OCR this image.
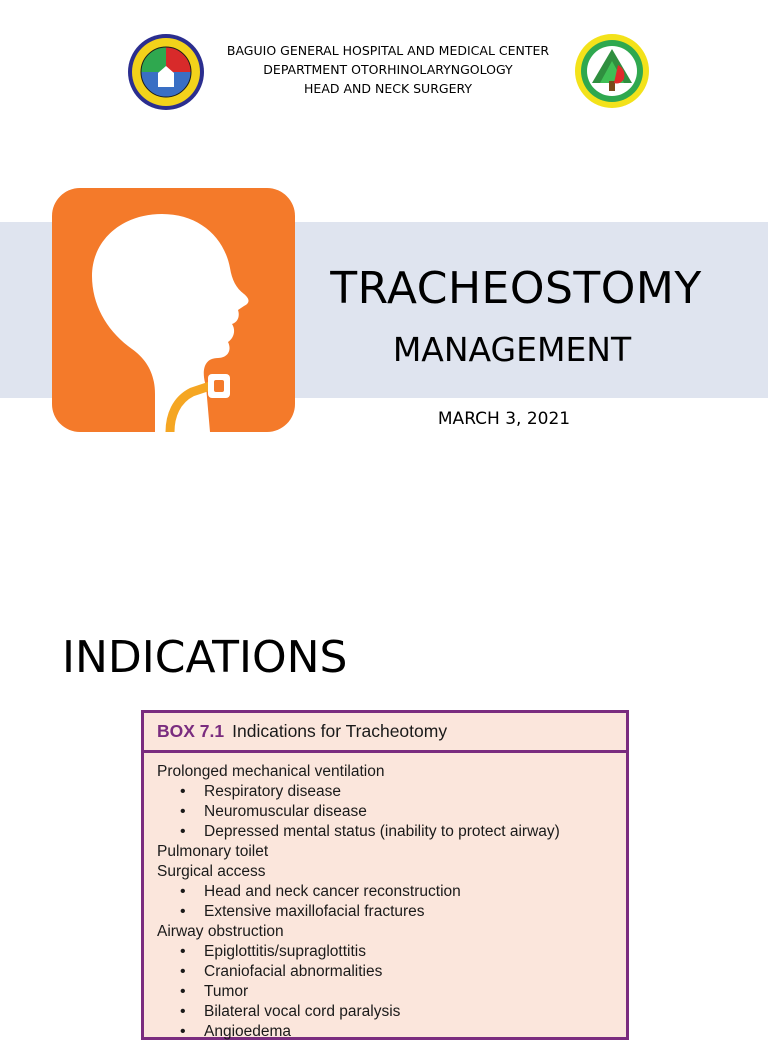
BAGUIO GENERAL HOSPITAL AND MEDICAL CENTER
DEPARTMENT OTORHINOLARYNGOLOGY
HEAD AND NECK SURGERY
TRACHEOSTOMY
MANAGEMENT
MARCH 3, 2021
INDICATIONS
BOX 7.1 Indications for Tracheotomy
Prolonged mechanical ventilation
• Respiratory disease
• Neuromuscular disease
• Depressed mental status (inability to protect airway)
Pulmonary toilet
Surgical access
• Head and neck cancer reconstruction
• Extensive maxillofacial fractures
Airway obstruction
• Epiglottitis/supraglottitis
• Craniofacial abnormalities
• Tumor
• Bilateral vocal cord paralysis
• Angioedema
